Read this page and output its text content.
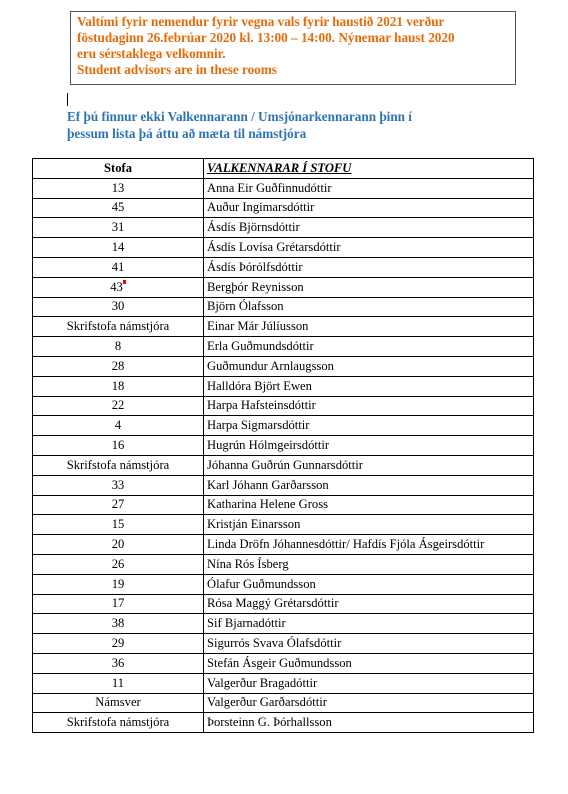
Valtími fyrir nemendur fyrir vegna vals fyrir haustið 2021 verður
föstudaginn 26.febrúar 2020 kl. 13:00 – 14:00. Nýnemar haust 2020
eru sérstaklega velkomnir.
Student advisors are in these rooms
Ef þú finnur ekki Valkennarann / Umsjónarkennarann þinn í
þessum lista þá áttu að mæta til námstjóra
Stofa	VALKENNARAR Í STOFU
13	Anna Eir Guðfinnudóttir
45	Auður Ingimarsdóttir
31	Ásdís Björnsdóttir
14	Ásdís Lovísa Grétarsdóttir
41	Ásdís Þórólfsdóttir
43	Bergþór Reynisson
30	Björn Ólafsson
Skrifstofa námstjóra	Einar Már Júlíusson
8	Erla Guðmundsdóttir
28	Guðmundur Arnlaugsson
18	Halldóra Björt Ewen
22	Harpa Hafsteinsdóttir
4	Harpa Sigmarsdóttir
16	Hugrún Hólmgeirsdóttir
Skrifstofa námstjóra	Jóhanna Guðrún Gunnarsdóttir
33	Karl Jóhann Garðarsson
27	Katharina Helene Gross
15	Kristján Einarsson
20	Linda Dröfn Jóhannesdóttir/ Hafdís Fjóla Ásgeirsdóttir
26	Nína Rós Ísberg
19	Ólafur Guðmundsson
17	Rósa Maggý Grétarsdóttir
38	Sif Bjarnadóttir
29	Sigurrós Svava Ólafsdóttir
36	Stefán Ásgeir Guðmundsson
11	Valgerður Bragadóttir
Námsver	Valgerður Garðarsdóttir
Skrifstofa námstjóra	Þorsteinn G. Þórhallsson
